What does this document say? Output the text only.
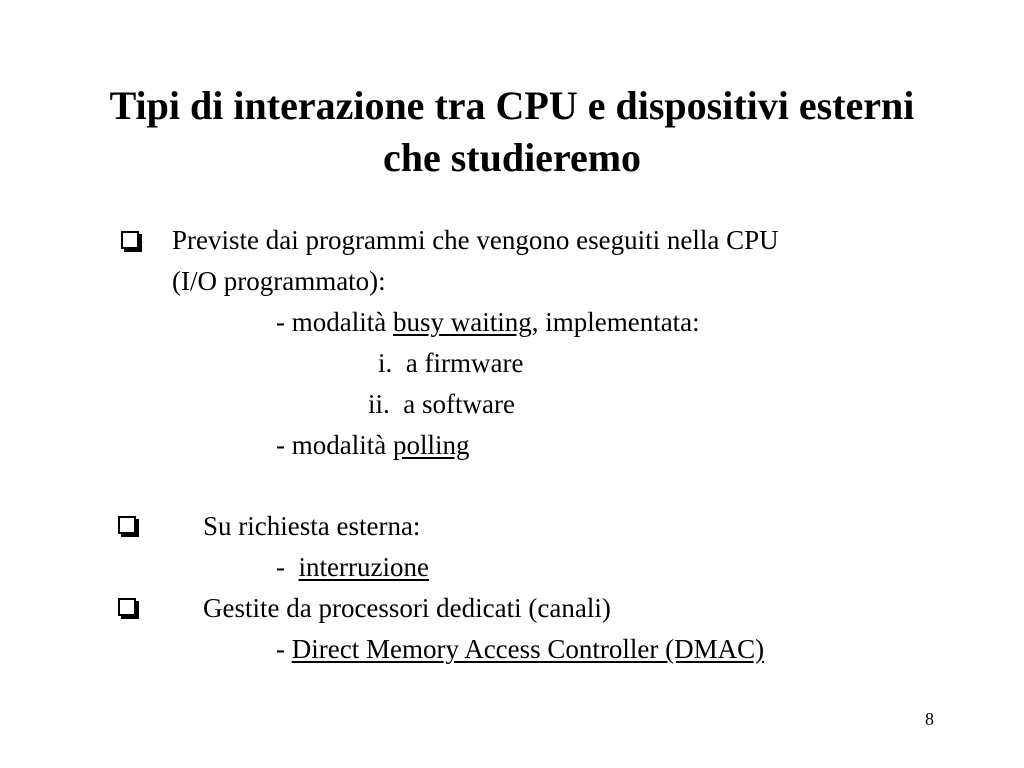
Tipi di interazione tra CPU e dispositivi esterni
che studieremo
Previste dai programmi che vengono eseguiti nella CPU
(I/O programmato):
- modalità busy waiting, implementata:
i. a firmware
ii. a software
- modalità polling
Su richiesta esterna:
-  interruzione
Gestite da processori dedicati (canali)
- Direct Memory Access Controller (DMAC)
8
